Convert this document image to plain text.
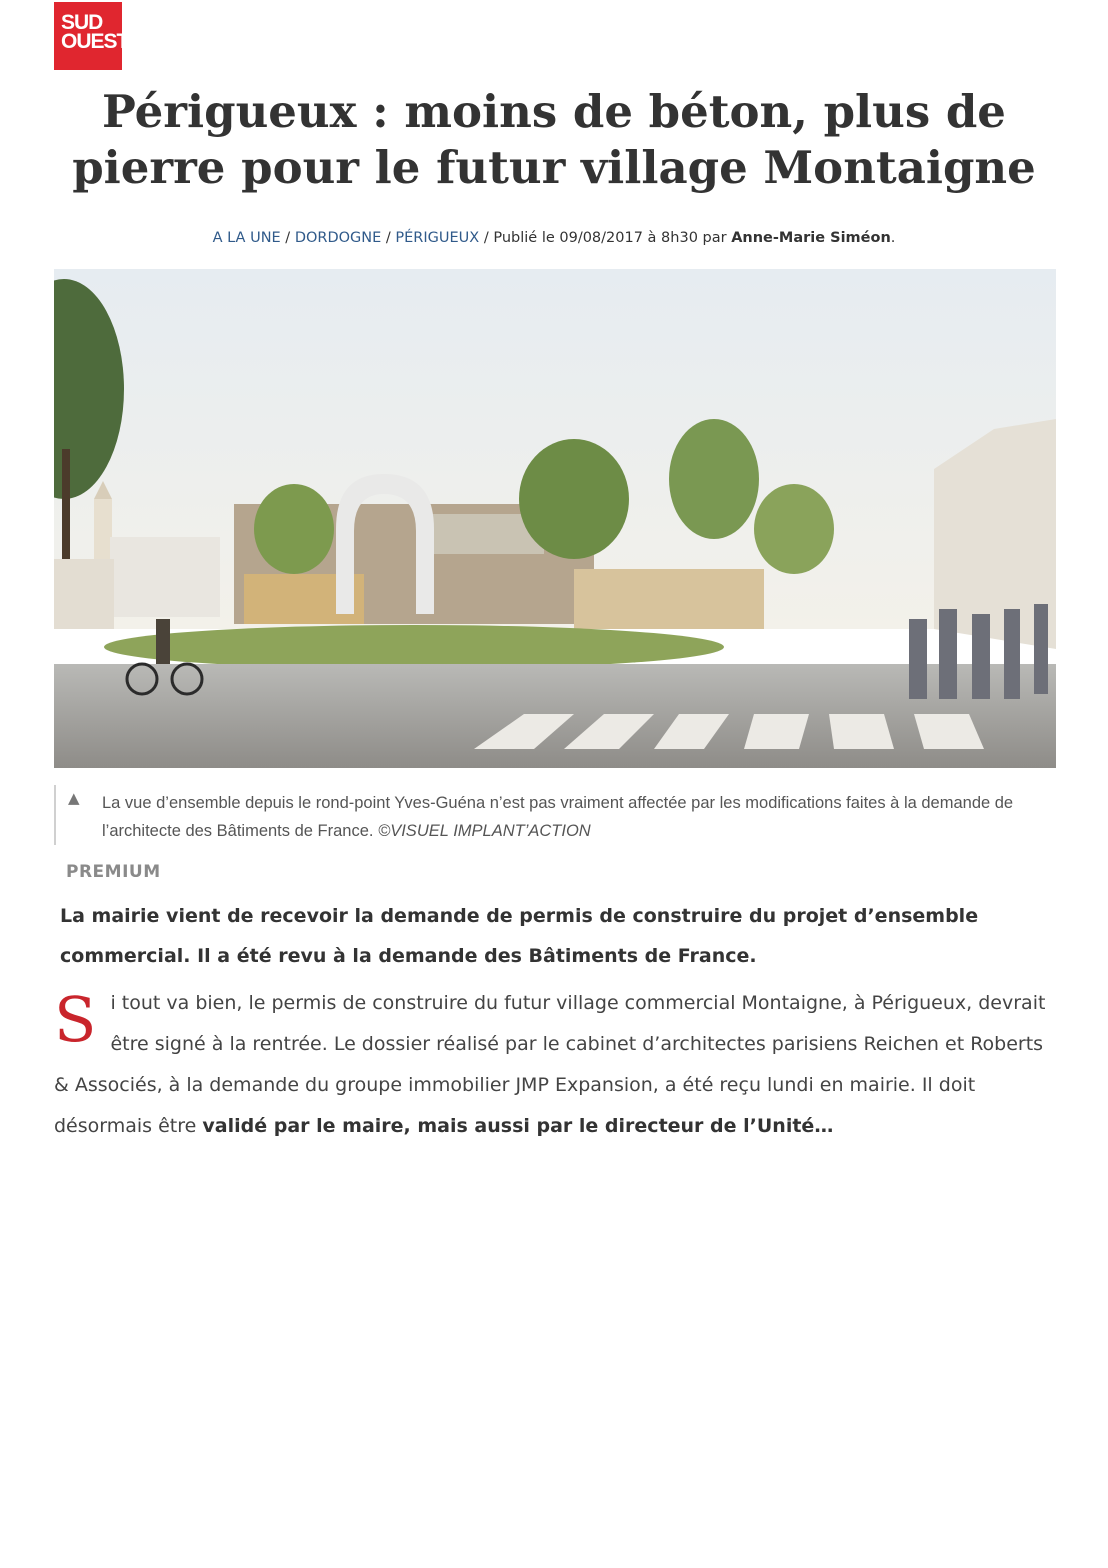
SUD
OUEST
Périgueux : moins de béton, plus de pierre pour le futur village Montaigne
A LA UNE / DORDOGNE / PÉRIGUEUX / Publié le 09/08/2017 à 8h30 par Anne-Marie Siméon.
▲ La vue d’ensemble depuis le rond-point Yves-Guéna n’est pas vraiment affectée par les modifications faites à la demande de l’architecte des Bâtiments de France. ©VISUEL IMPLANT’ACTION
PREMIUM

La mairie vient de recevoir la demande de permis de construire du projet d’ensemble commercial. Il a été revu à la demande des Bâtiments de France.

Si tout va bien, le permis de construire du futur village commercial Montaigne, à Périgueux, devrait être signé à la rentrée. Le dossier réalisé par le cabinet d’architectes parisiens Reichen et Roberts & Associés, à la demande du groupe immobilier JMP Expansion, a été reçu lundi en mairie. Il doit désormais être validé par le maire, mais aussi par le directeur de l’Unité…
